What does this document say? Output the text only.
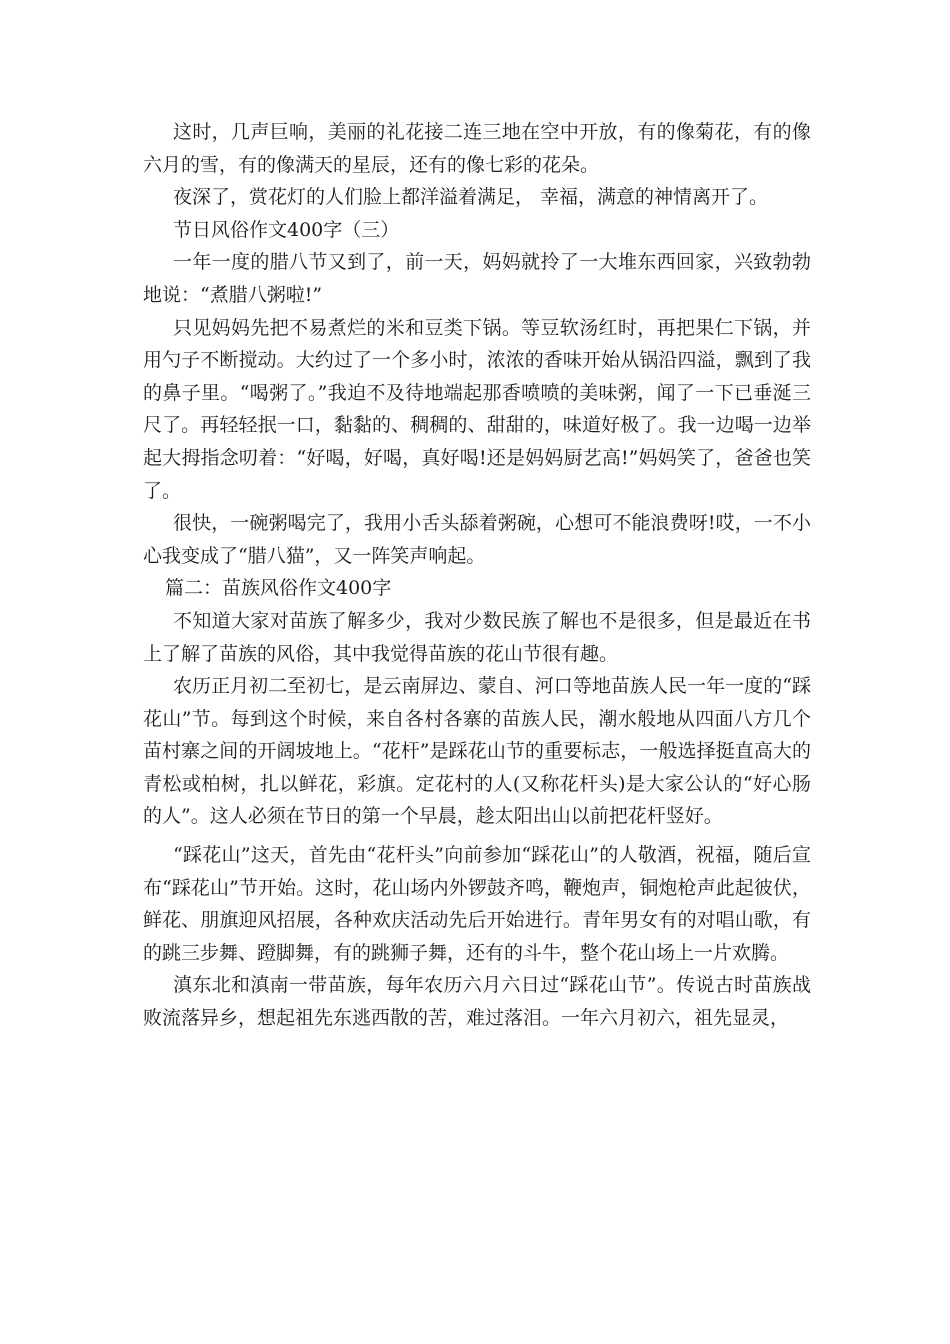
这时，几声巨响，美丽的礼花接二连三地在空中开放，有的像菊花，有的像六月的雪，有的像满天的星辰，还有的像七彩的花朵。

夜深了，赏花灯的人们脸上都洋溢着满足， 幸福，满意的神情离开了。

节日风俗作文400字（三）

一年一度的腊八节又到了，前一天，妈妈就拎了一大堆东西回家，兴致勃勃地说：“煮腊八粥啦!”

只见妈妈先把不易煮烂的米和豆类下锅。等豆软汤红时，再把果仁下锅，并用勺子不断搅动。大约过了一个多小时，浓浓的香味开始从锅沿四溢，飘到了我的鼻子里。“喝粥了。”我迫不及待地端起那香喷喷的美味粥，闻了一下已垂涎三尺了。再轻轻抿一口，黏黏的、稠稠的、甜甜的，味道好极了。我一边喝一边举起大拇指念叨着：“好喝，好喝，真好喝!还是妈妈厨艺高!”妈妈笑了，爸爸也笑了。

很快，一碗粥喝完了，我用小舌头舔着粥碗，心想可不能浪费呀!哎，一不小心我变成了“腊八猫”，又一阵笑声响起。

篇二：苗族风俗作文400字

不知道大家对苗族了解多少，我对少数民族了解也不是很多，但是最近在书上了解了苗族的风俗，其中我觉得苗族的花山节很有趣。

农历正月初二至初七，是云南屏边、蒙自、河口等地苗族人民一年一度的“踩花山”节。每到这个时候，来自各村各寨的苗族人民，潮水般地从四面八方几个苗村寨之间的开阔坡地上。“花杆”是踩花山节的重要标志，一般选择挺直高大的青松或柏树，扎以鲜花，彩旗。定花村的人(又称花杆头)是大家公认的“好心肠的人”。这人必须在节日的第一个早晨，趁太阳出山以前把花杆竖好。

“踩花山”这天，首先由“花杆头”向前参加“踩花山”的人敬酒，祝福，随后宣布“踩花山”节开始。这时，花山场内外锣鼓齐鸣，鞭炮声，铜炮枪声此起彼伏，鲜花、朋旗迎风招展，各种欢庆活动先后开始进行。青年男女有的对唱山歌，有的跳三步舞、蹬脚舞，有的跳狮子舞，还有的斗牛，整个花山场上一片欢腾。

滇东北和滇南一带苗族，每年农历六月六日过“踩花山节”。传说古时苗族战败流落异乡，想起祖先东逃西散的苦，难过落泪。一年六月初六，祖先显灵，
